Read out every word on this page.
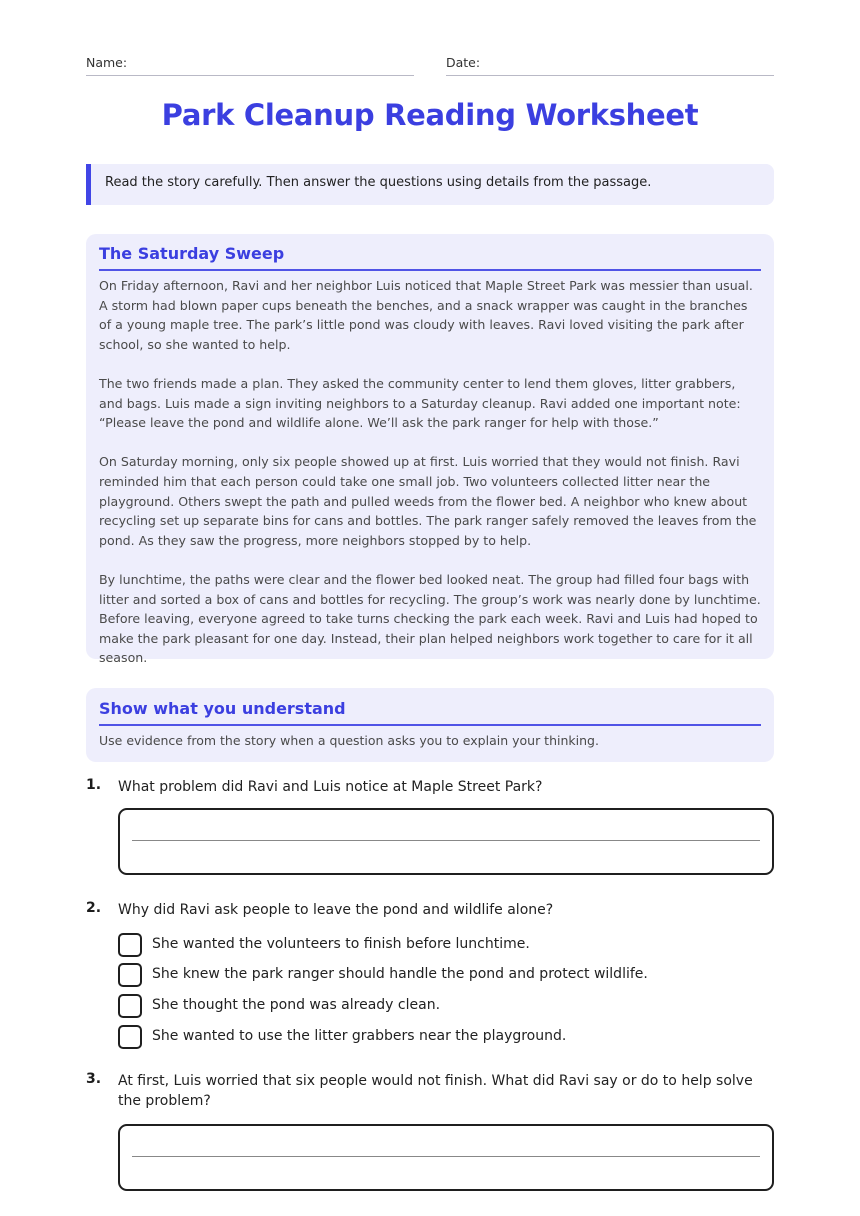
Name:	Date:
Park Cleanup Reading Worksheet
Read the story carefully. Then answer the questions using details from the passage.
The Saturday Sweep

On Friday afternoon, Ravi and her neighbor Luis noticed that Maple Street Park was messier than usual. A storm had blown paper cups beneath the benches, and a snack wrapper was caught in the branches of a young maple tree. The park’s little pond was cloudy with leaves. Ravi loved visiting the park after school, so she wanted to help.

The two friends made a plan. They asked the community center to lend them gloves, litter grabbers, and bags. Luis made a sign inviting neighbors to a Saturday cleanup. Ravi added one important note: “Please leave the pond and wildlife alone. We’ll ask the park ranger for help with those.”

On Saturday morning, only six people showed up at first. Luis worried that they would not finish. Ravi reminded him that each person could take one small job. Two volunteers collected litter near the playground. Others swept the path and pulled weeds from the flower bed. A neighbor who knew about recycling set up separate bins for cans and bottles. The park ranger safely removed the leaves from the pond. As they saw the progress, more neighbors stopped by to help.

By lunchtime, the paths were clear and the flower bed looked neat. The group had filled four bags with litter and sorted a box of cans and bottles for recycling. The group’s work was nearly done by lunchtime. Before leaving, everyone agreed to take turns checking the park each week. Ravi and Luis had hoped to make the park pleasant for one day. Instead, their plan helped neighbors work together to care for it all season.

Show what you understand
Use evidence from the story when a question asks you to explain your thinking.
1. What problem did Ravi and Luis notice at Maple Street Park?
2. Why did Ravi ask people to leave the pond and wildlife alone?
She wanted the volunteers to finish before lunchtime.
She knew the park ranger should handle the pond and protect wildlife.
She thought the pond was already clean.
She wanted to use the litter grabbers near the playground.
3. At first, Luis worried that six people would not finish. What did Ravi say or do to help solve the problem?
